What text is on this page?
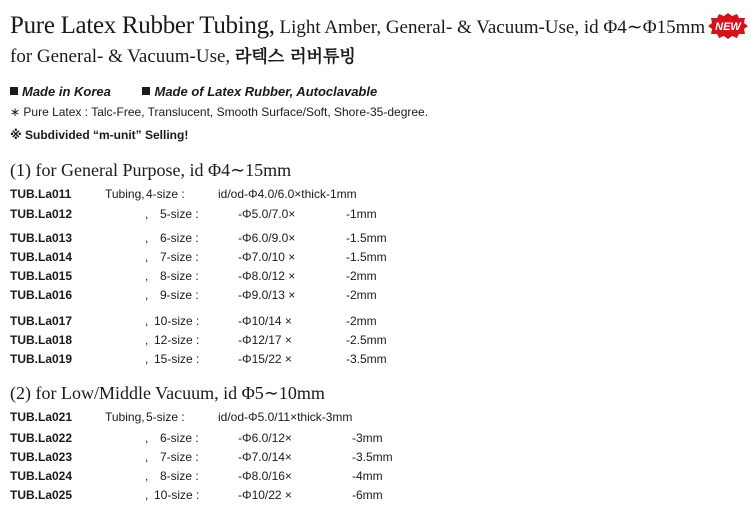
Pure Latex Rubber Tubing, Light Amber, General- & Vacuum-Use, id Φ4∼Φ15mm NEW
for General- & Vacuum-Use, 라텍스 러버튜빙
Made in Korea	Made of Latex Rubber, Autoclavable
∗ Pure Latex : Talc-Free, Translucent, Smooth Surface/Soft, Shore-35-degree.
※ Subdivided “m-unit” Selling!
(1) for General Purpose, id Φ4∼15mm
TUB.La011	Tubing, 4-size :	id/od-Φ4.0/6.0×thick-1mm
TUB.La012	, 5-size :	-Φ5.0/7.0×	-1mm
TUB.La013	, 6-size :	-Φ6.0/9.0×	-1.5mm
TUB.La014	, 7-size :	-Φ7.0/10 ×	-1.5mm
TUB.La015	, 8-size :	-Φ8.0/12 ×	-2mm
TUB.La016	, 9-size :	-Φ9.0/13 ×	-2mm
TUB.La017	, 10-size :	-Φ10/14 ×	-2mm
TUB.La018	, 12-size :	-Φ12/17 ×	-2.5mm
TUB.La019	, 15-size :	-Φ15/22 ×	-3.5mm
(2) for Low/Middle Vacuum, id Φ5∼10mm
TUB.La021	Tubing, 5-size :	id/od-Φ5.0/11×thick-3mm
TUB.La022	, 6-size :	-Φ6.0/12×	-3mm
TUB.La023	, 7-size :	-Φ7.0/14×	-3.5mm
TUB.La024	, 8-size :	-Φ8.0/16×	-4mm
TUB.La025	, 10-size :	-Φ10/22 ×	-6mm
